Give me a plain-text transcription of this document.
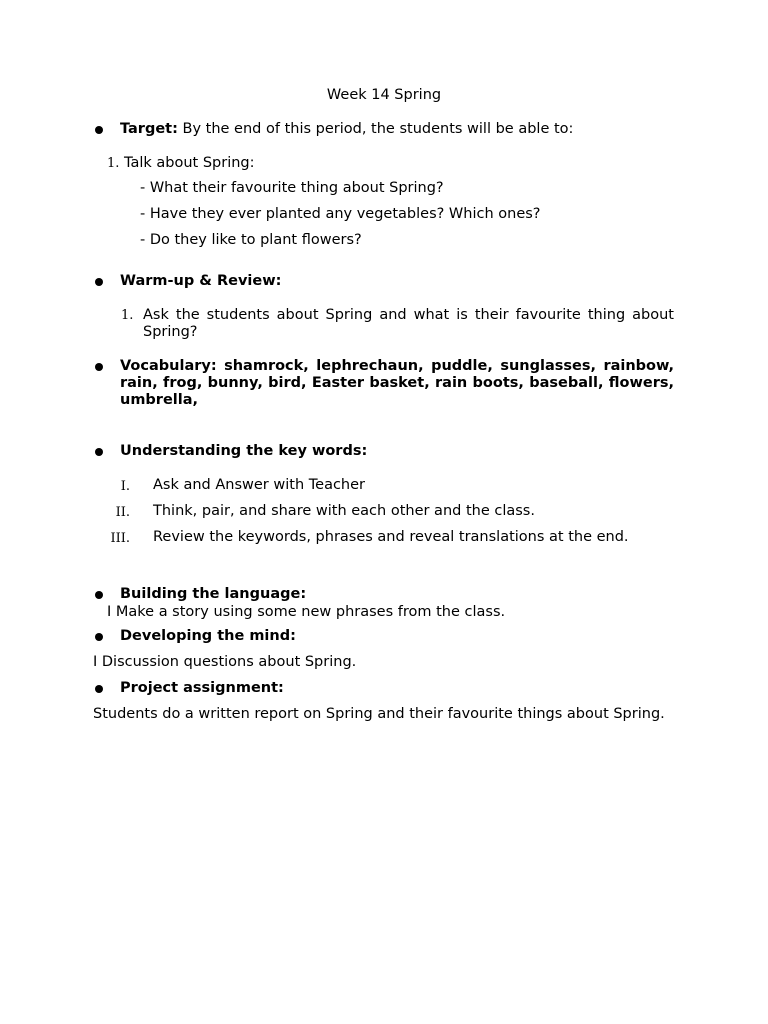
Week 14 Spring
Target: By the end of this period, the students will be able to:
1. Talk about Spring:
- What their favourite thing about Spring?
- Have they ever planted any vegetables? Which ones?
- Do they like to plant flowers?
Warm-up & Review:
1. Ask the students about Spring and what is their favourite thing about Spring?
Vocabulary: shamrock, lephrechaun, puddle, sunglasses, rainbow, rain, frog, bunny, bird, Easter basket, rain boots, baseball, flowers, umbrella,
Understanding the key words:
I. Ask and Answer with Teacher
II. Think, pair, and share with each other and the class.
III. Review the keywords, phrases and reveal translations at the end.
Building the language:
I Make a story using some new phrases from the class.
Developing the mind:
I Discussion questions about Spring.
Project assignment:
Students do a written report on Spring and their favourite things about Spring.
